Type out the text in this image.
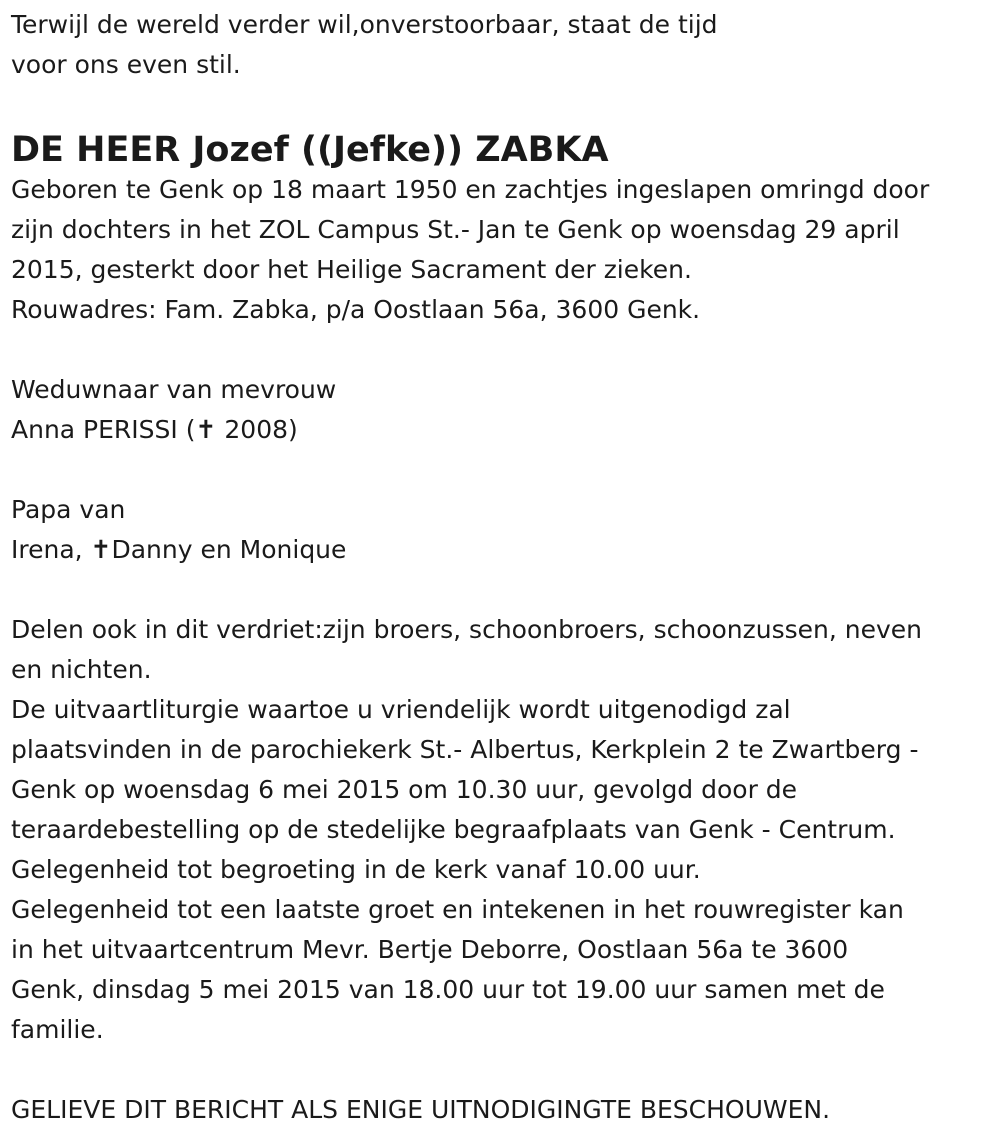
Terwijl de wereld verder wil,onverstoorbaar, staat de tijd
voor ons even stil.
DE HEER Jozef ((Jefke)) ZABKA
Geboren te Genk op 18 maart 1950 en zachtjes ingeslapen omringd door
zijn dochters in het ZOL Campus St.- Jan te Genk op woensdag 29 april
2015, gesterkt door het Heilige Sacrament der zieken.
Rouwadres: Fam. Zabka, p/a Oostlaan 56a, 3600 Genk.
Weduwnaar van mevrouw
Anna PERISSI (✝ 2008)
Papa van
Irena, ✝Danny en Monique
Delen ook in dit verdriet:zijn broers, schoonbroers, schoonzussen, neven
en nichten.
De uitvaartliturgie waartoe u vriendelijk wordt uitgenodigd zal
plaatsvinden in de parochiekerk St.- Albertus, Kerkplein 2 te Zwartberg -
Genk op woensdag 6 mei 2015 om 10.30 uur, gevolgd door de
teraardebestelling op de stedelijke begraafplaats van Genk - Centrum.
Gelegenheid tot begroeting in de kerk vanaf 10.00 uur.
Gelegenheid tot een laatste groet en intekenen in het rouwregister kan
in het uitvaartcentrum Mevr. Bertje Deborre, Oostlaan 56a te 3600
Genk, dinsdag 5 mei 2015 van 18.00 uur tot 19.00 uur samen met de
familie.
GELIEVE DIT BERICHT ALS ENIGE UITNODIGINGTE BESCHOUWEN.
